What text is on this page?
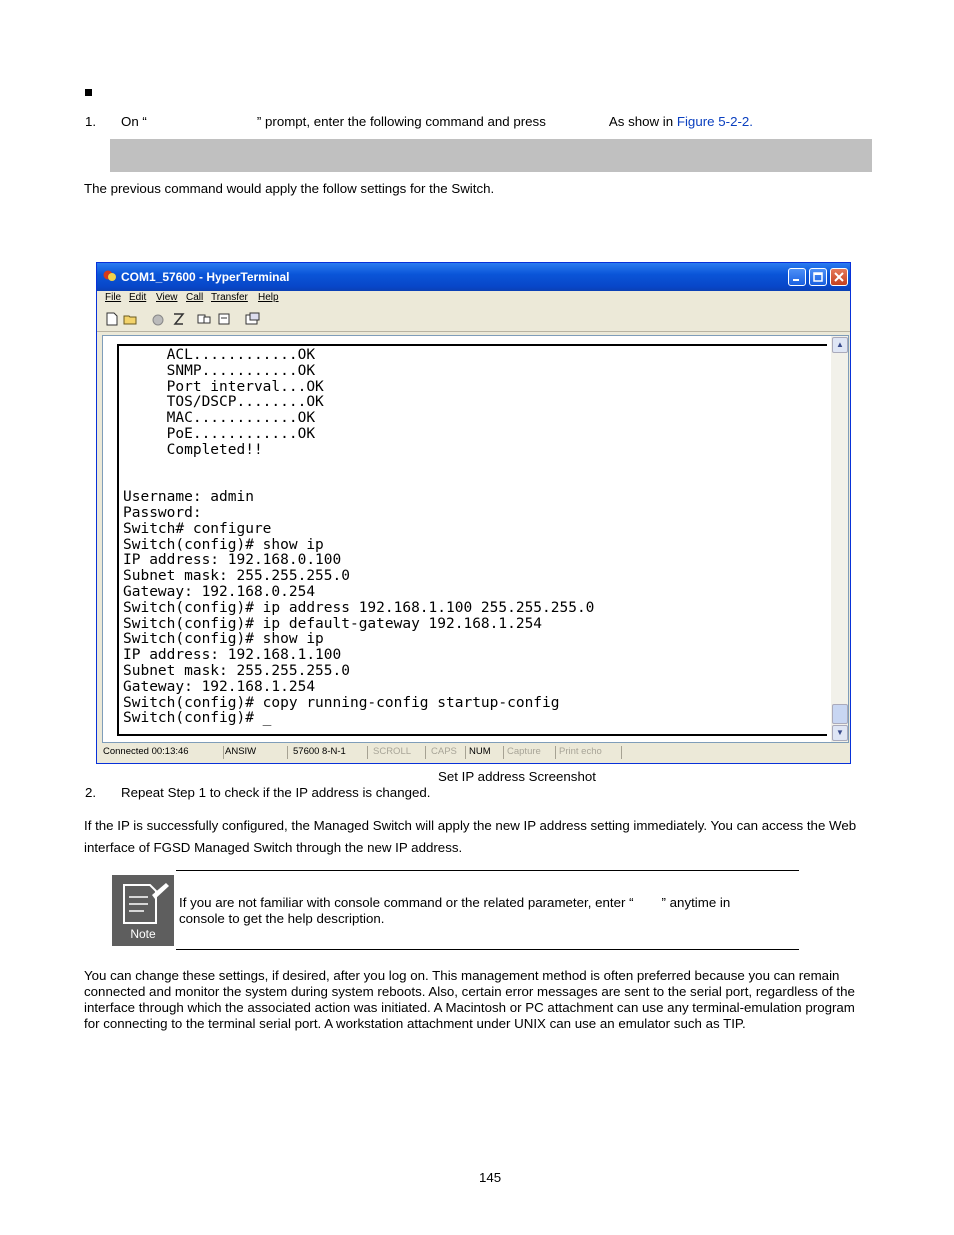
1. On “	” prompt, enter the following command and press	As show in Figure 5-2-2.
The previous command would apply the follow settings for the Switch.
COM1_57600 - HyperTerminal
File Edit View Call Transfer Help
ACL............OK
SNMP...........OK
Port interval...OK
TOS/DSCP........OK
MAC............OK
PoE............OK
Completed!!

Username: admin
Password:
Switch# configure
Switch(config)# show ip
IP address: 192.168.0.100
Subnet mask: 255.255.255.0
Gateway: 192.168.0.254
Switch(config)# ip address 192.168.1.100 255.255.255.0
Switch(config)# ip default-gateway 192.168.1.254
Switch(config)# show ip
IP address: 192.168.1.100
Subnet mask: 255.255.255.0
Gateway: 192.168.1.254
Switch(config)# copy running-config startup-config
Switch(config)# _
▲
▼
Connected 00:13:46	ANSIW	57600 8-N-1	SCROLL	CAPS	NUM	Capture	Print echo
Set IP address Screenshot
2. Repeat Step 1 to check if the IP address is changed.
If the IP is successfully configured, the Managed Switch will apply the new IP address setting immediately. You can access the Web interface of FGSD Managed Switch through the new IP address.
Note
If you are not familiar with console command or the related parameter, enter “ ” anytime in console to get the help description.
You can change these settings, if desired, after you log on. This management method is often preferred because you can remain connected and monitor the system during system reboots. Also, certain error messages are sent to the serial port, regardless of the interface through which the associated action was initiated. A Macintosh or PC attachment can use any terminal-emulation program for connecting to the terminal serial port. A workstation attachment under UNIX can use an emulator such as TIP.
145
